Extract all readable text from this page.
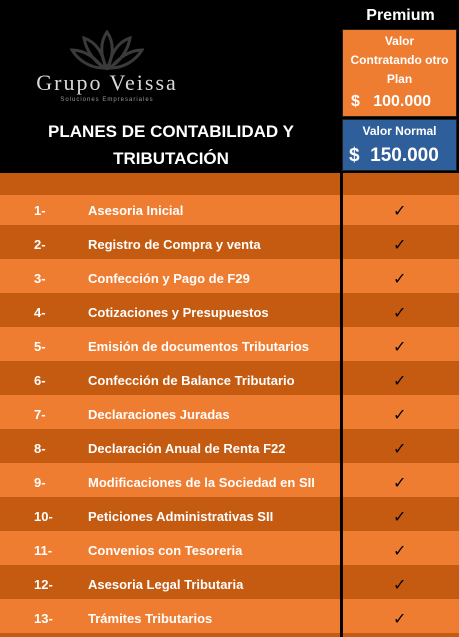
Grupo Veissa
Soluciones Empresariales
PLANES DE CONTABILIDAD Y
TRIBUTACIÓN
Premium
Valor
Contratando otro
Plan
$   100.000
Valor Normal
$  150.000
1-	Asesoria Inicial	✓
2-	Registro de Compra y venta	✓
3-	Confección y Pago de F29	✓
4-	Cotizaciones y Presupuestos	✓
5-	Emisión de documentos Tributarios	✓
6-	Confección de Balance Tributario	✓
7-	Declaraciones Juradas	✓
8-	Declaración Anual de Renta F22	✓
9-	Modificaciones de la Sociedad en SII	✓
10-	Peticiones Administrativas SII	✓
11-	Convenios con Tesoreria	✓
12-	Asesoria Legal Tributaria	✓
13-	Trámites Tributarios	✓
